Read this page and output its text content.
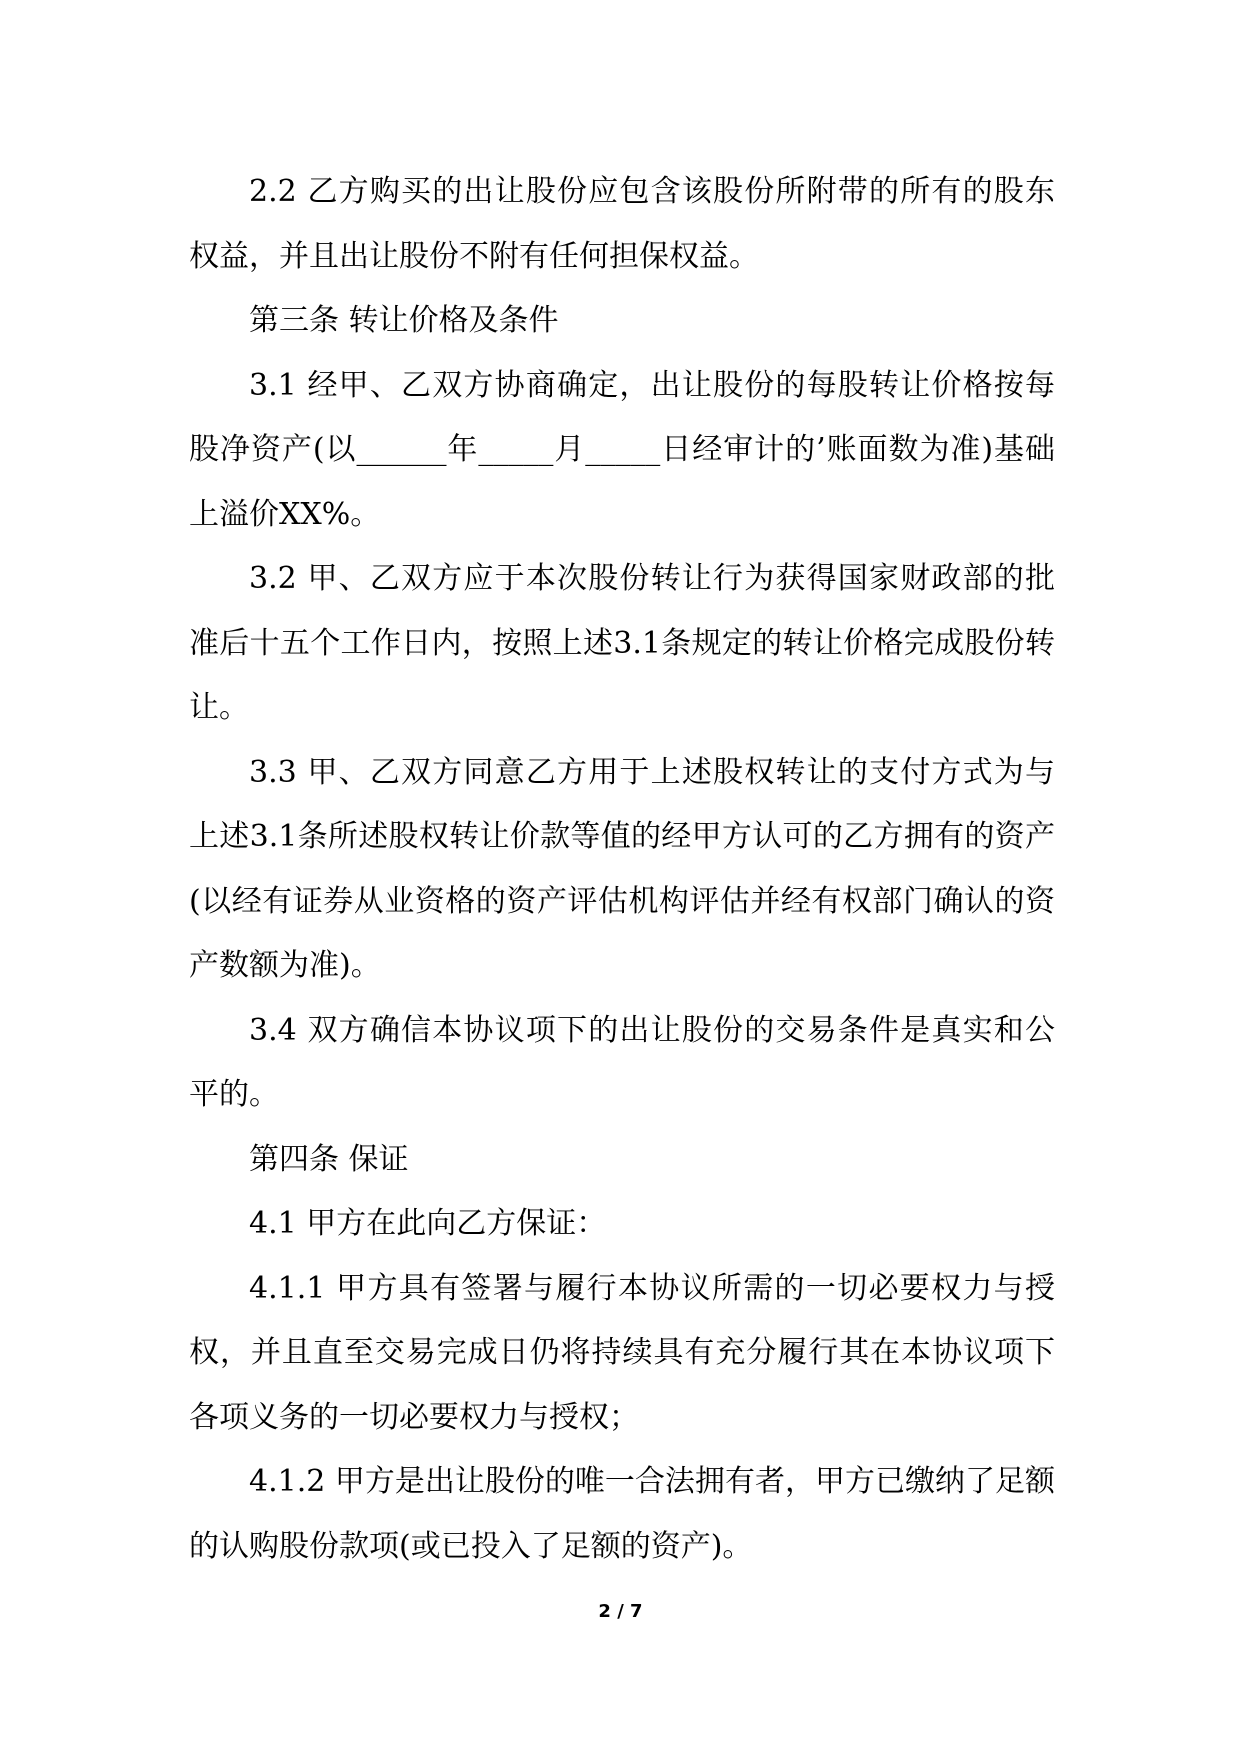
2.2 乙方购买的出让股份应包含该股份所附带的所有的股东权益，并且出让股份不附有任何担保权益。

第三条 转让价格及条件

3.1 经甲、乙双方协商确定，出让股份的每股转让价格按每股净资产(以______年_____月_____日经审计的’账面数为准)基础上溢价XX%。

3.2 甲、乙双方应于本次股份转让行为获得国家财政部的批准后十五个工作日内，按照上述3.1条规定的转让价格完成股份转让。

3.3 甲、乙双方同意乙方用于上述股权转让的支付方式为与上述3.1条所述股权转让价款等值的经甲方认可的乙方拥有的资产(以经有证券从业资格的资产评估机构评估并经有权部门确认的资产数额为准)。

3.4 双方确信本协议项下的出让股份的交易条件是真实和公平的。

第四条 保证

4.1 甲方在此向乙方保证：

4.1.1 甲方具有签署与履行本协议所需的一切必要权力与授权，并且直至交易完成日仍将持续具有充分履行其在本协议项下各项义务的一切必要权力与授权；

4.1.2 甲方是出让股份的唯一合法拥有者，甲方已缴纳了足额的认购股份款项(或已投入了足额的资产)。

2 / 7
